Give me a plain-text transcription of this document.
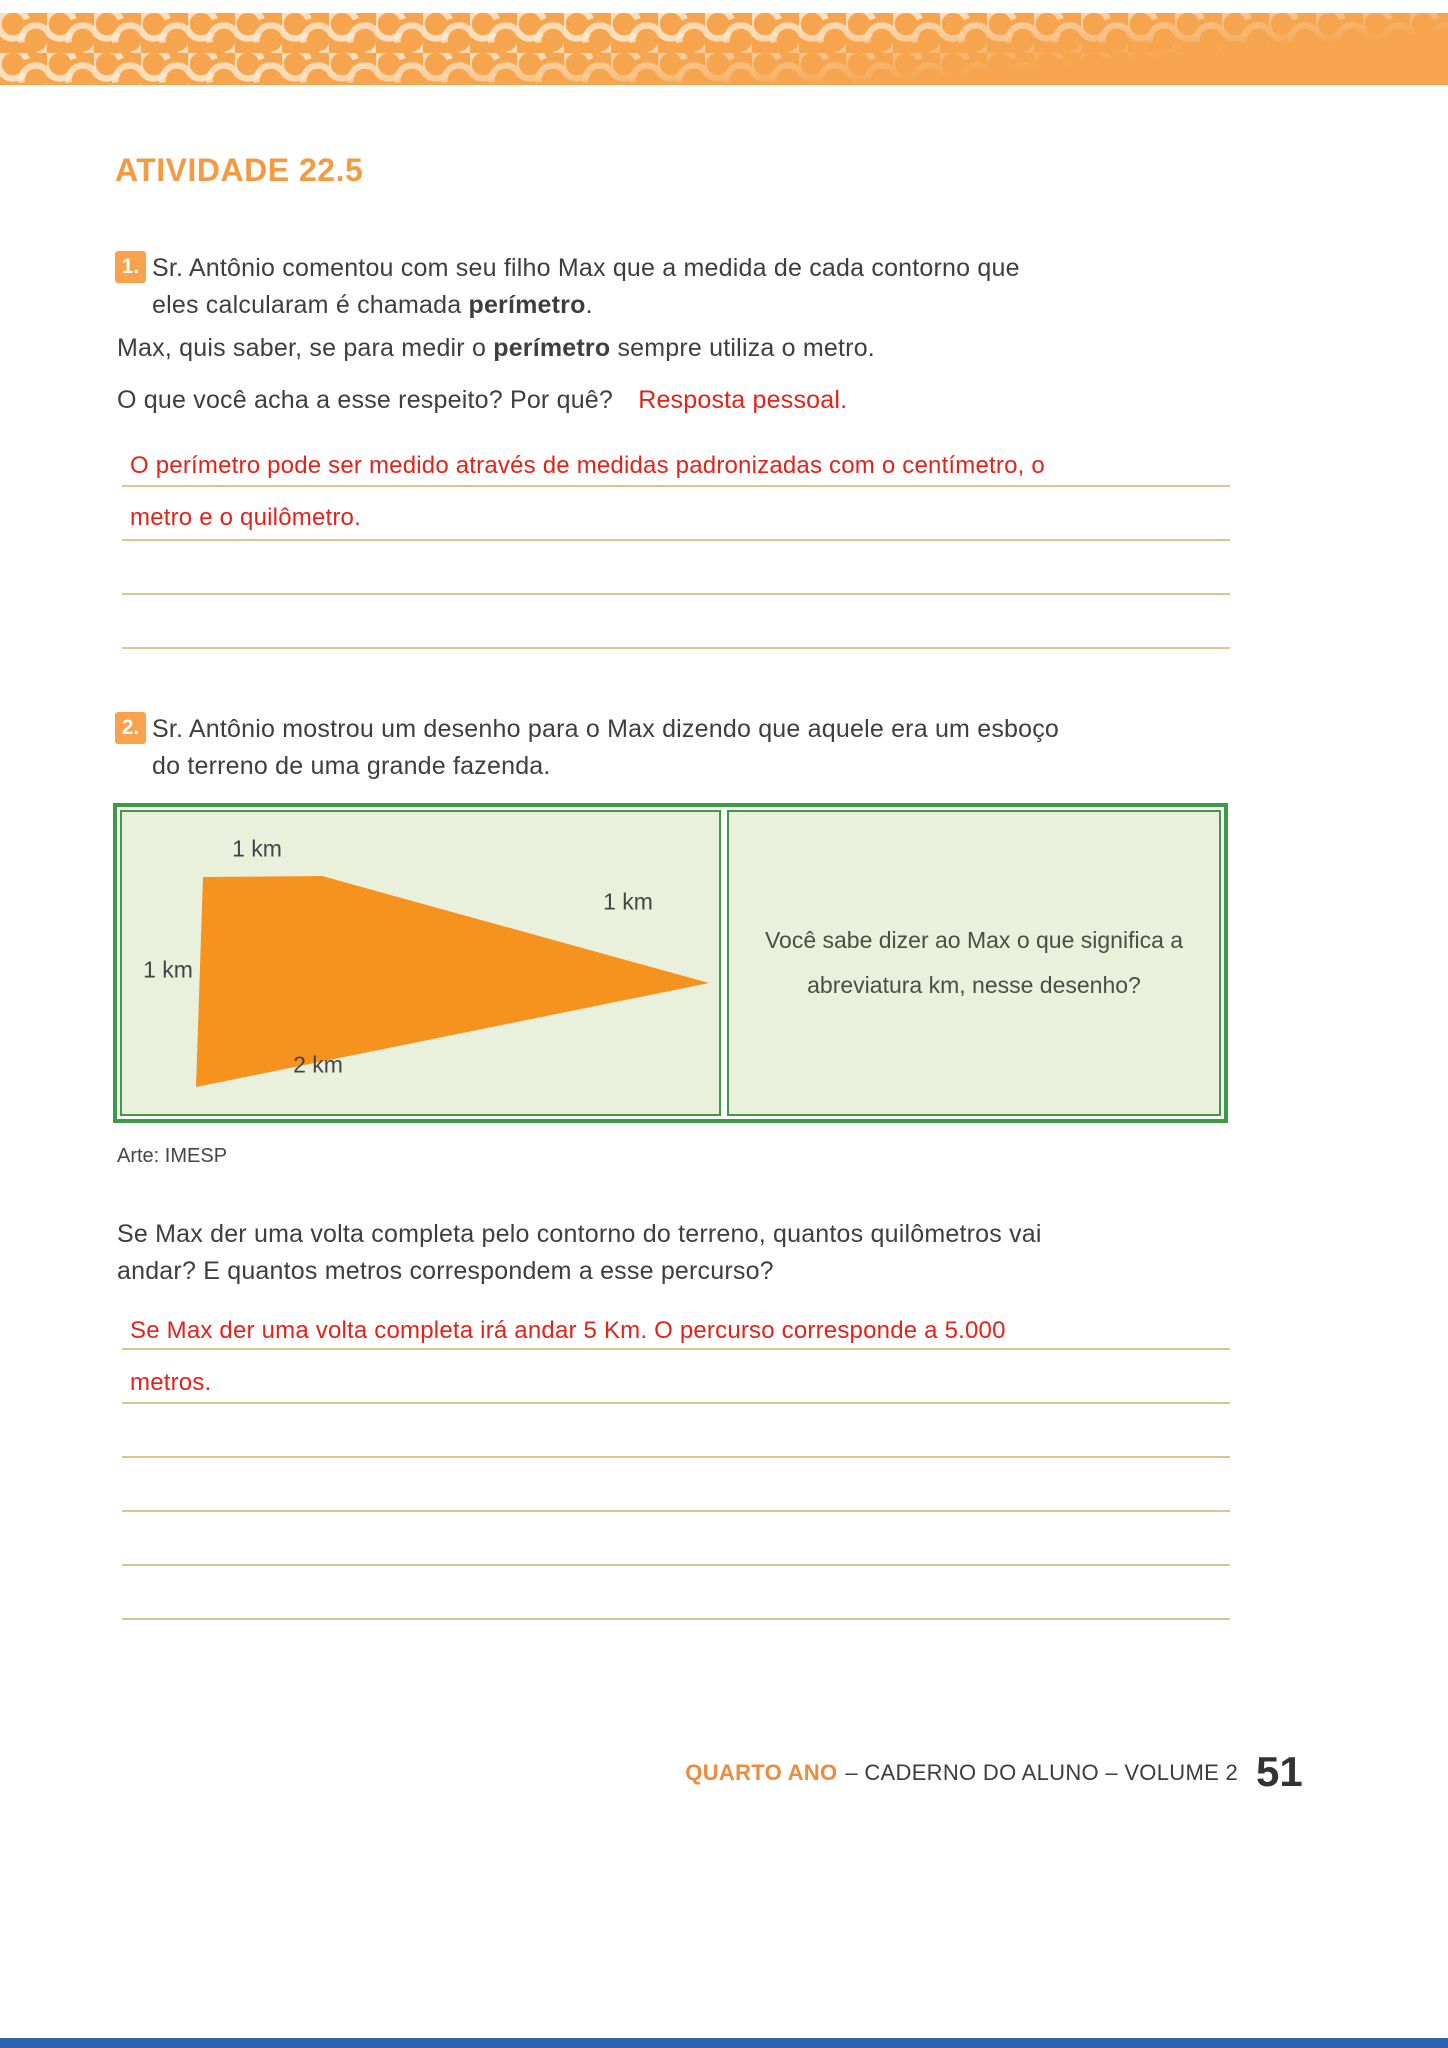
ATIVIDADE 22.5
1. Sr. Antônio comentou com seu filho Max que a medida de cada contorno que
eles calcularam é chamada perímetro.
Max, quis saber, se para medir o perímetro sempre utiliza o metro.
O que você acha a esse respeito? Por quê? Resposta pessoal.
O perímetro pode ser medido através de medidas padronizadas com o centímetro, o
metro e o quilômetro.
2. Sr. Antônio mostrou um desenho para o Max dizendo que aquele era um esboço
do terreno de uma grande fazenda.
1 km
1 km
1 km
2 km
Você sabe dizer ao Max o que significa a
abreviatura km, nesse desenho?
Arte: IMESP
Se Max der uma volta completa pelo contorno do terreno, quantos quilômetros vai
andar? E quantos metros correspondem a esse percurso?
Se Max der uma volta completa irá andar 5 Km. O percurso corresponde a 5.000
metros.
QUARTO ANO – CADERNO DO ALUNO – VOLUME 2 51
